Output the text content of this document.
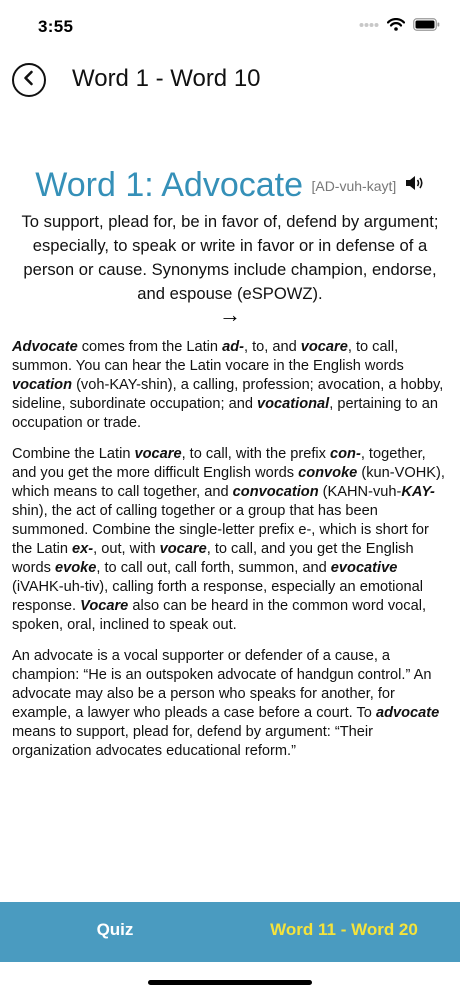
3:55
Word 1 - Word 10
Word 1: Advocate [AD-vuh-kayt]
To support, plead for, be in favor of, defend by argument; especially, to speak or write in favor or in defense of a person or cause. Synonyms include champion, endorse, and espouse (eSPOWZ).
→

Advocate comes from the Latin ad-, to, and vocare, to call, summon. You can hear the Latin vocare in the English words vocation (voh-KAY-shin), a calling, profession; avocation, a hobby, sideline, subordinate occupation; and vocational, pertaining to an occupation or trade.

Combine the Latin vocare, to call, with the prefix con-, together, and you get the more difficult English words convoke (kun-VOHK), which means to call together, and convocation (KAHN-vuh-KAY-shin), the act of calling together or a group that has been summoned. Combine the single-letter prefix e-, which is short for the Latin ex-, out, with vocare, to call, and you get the English words evoke, to call out, call forth, summon, and evocative (iVAHK-uh-tiv), calling forth a response, especially an emotional response. Vocare also can be heard in the common word vocal, spoken, oral, inclined to speak out.

An advocate is a vocal supporter or defender of a cause, a champion: “He is an outspoken advocate of handgun control.” An advocate may also be a person who speaks for another, for example, a lawyer who pleads a case before a court. To advocate means to support, plead for, defend by argument: “Their organization advocates educational reform.”

Quiz	Word 11 - Word 20
